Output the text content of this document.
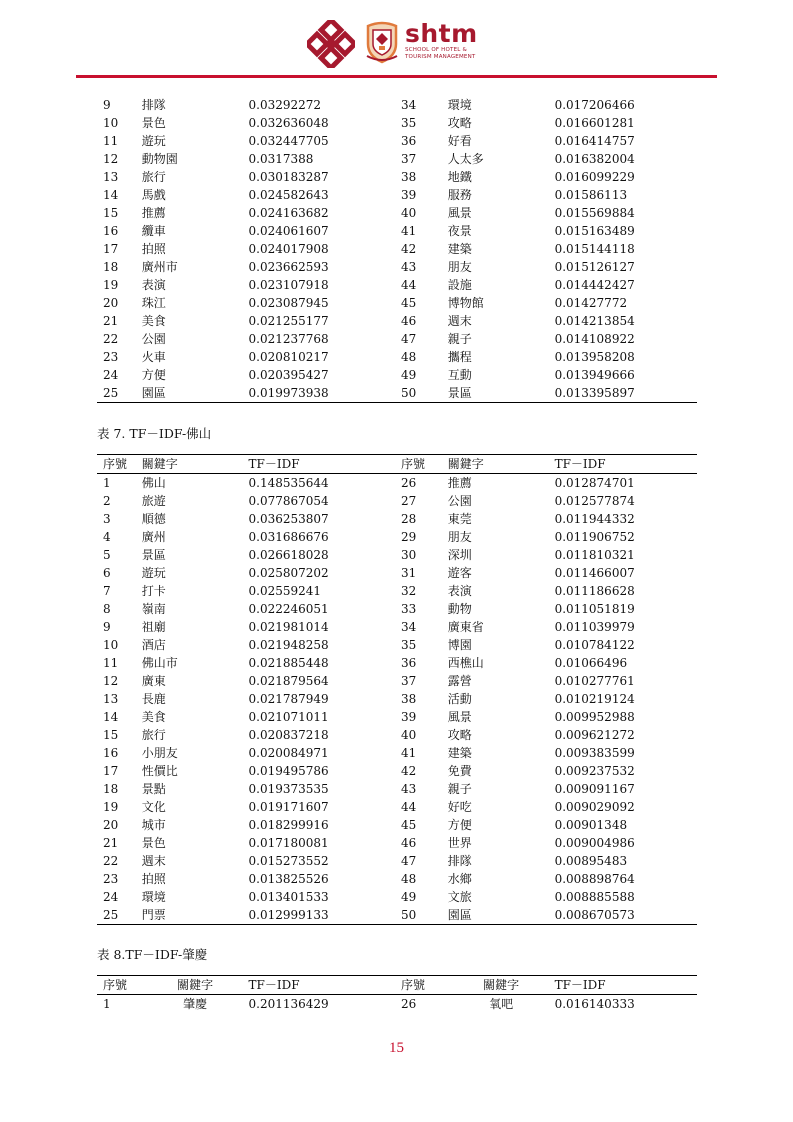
shtm
SCHOOL OF HOTEL &
TOURISM MANAGEMENT
9	排隊	0.03292272	34	環境	0.017206466
10	景色	0.032636048	35	攻略	0.016601281
11	遊玩	0.032447705	36	好看	0.016414757
12	動物園	0.0317388	37	人太多	0.016382004
13	旅行	0.030183287	38	地鐵	0.016099229
14	馬戲	0.024582643	39	服務	0.01586113
15	推薦	0.024163682	40	風景	0.015569884
16	纜車	0.024061607	41	夜景	0.015163489
17	拍照	0.024017908	42	建築	0.015144118
18	廣州市	0.023662593	43	朋友	0.015126127
19	表演	0.023107918	44	設施	0.014442427
20	珠江	0.023087945	45	博物館	0.01427772
21	美食	0.021255177	46	週末	0.014213854
22	公園	0.021237768	47	親子	0.014108922
23	火車	0.020810217	48	攜程	0.013958208
24	方便	0.020395427	49	互動	0.013949666
25	園區	0.019973938	50	景區	0.013395897
表 7. TF－IDF-佛山
序號	關鍵字	TF－IDF	序號	關鍵字	TF－IDF
1	佛山	0.148535644	26	推薦	0.012874701
2	旅遊	0.077867054	27	公園	0.012577874
3	順德	0.036253807	28	東莞	0.011944332
4	廣州	0.031686676	29	朋友	0.011906752
5	景區	0.026618028	30	深圳	0.011810321
6	遊玩	0.025807202	31	遊客	0.011466007
7	打卡	0.02559241	32	表演	0.011186628
8	嶺南	0.022246051	33	動物	0.011051819
9	祖廟	0.021981014	34	廣東省	0.011039979
10	酒店	0.021948258	35	博園	0.010784122
11	佛山市	0.021885448	36	西樵山	0.01066496
12	廣東	0.021879564	37	露營	0.010277761
13	長鹿	0.021787949	38	活動	0.010219124
14	美食	0.021071011	39	風景	0.009952988
15	旅行	0.020837218	40	攻略	0.009621272
16	小朋友	0.020084971	41	建築	0.009383599
17	性價比	0.019495786	42	免費	0.009237532
18	景點	0.019373535	43	親子	0.009091167
19	文化	0.019171607	44	好吃	0.009029092
20	城市	0.018299916	45	方便	0.00901348
21	景色	0.017180081	46	世界	0.009004986
22	週末	0.015273552	47	排隊	0.00895483
23	拍照	0.013825526	48	水鄉	0.008898764
24	環境	0.013401533	49	文旅	0.008885588
25	門票	0.012999133	50	園區	0.008670573
表 8.TF－IDF-肇慶
序號	關鍵字	TF－IDF	序號	關鍵字	TF－IDF
1	肇慶	0.201136429	26	氧吧	0.016140333
15
